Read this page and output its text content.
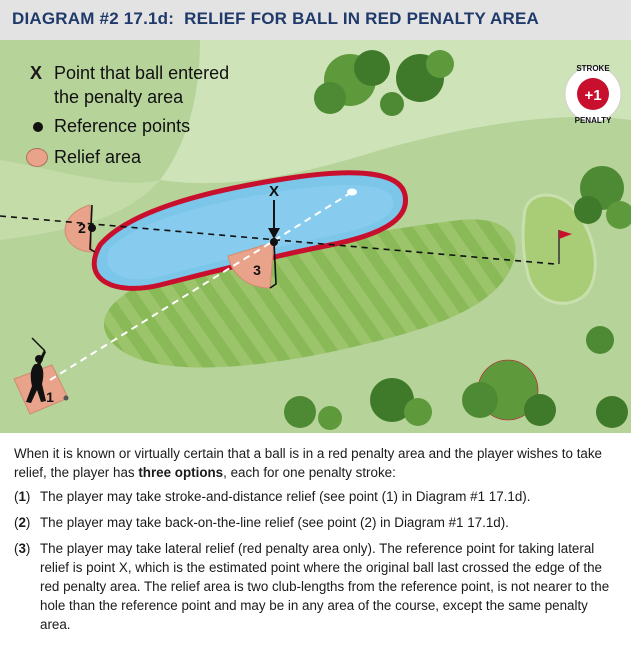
DIAGRAM #2 17.1d: RELIEF FOR BALL IN RED PENALTY AREA
X
2
3
1
+1
STROKE
PENALTY
X Point that ball entered
the penalty area
Reference points
Relief area

When it is known or virtually certain that a ball is in a red penalty area and the player wishes to take relief, the player has three options, each for one penalty stroke:

(1) The player may take stroke-and-distance relief (see point (1) in Diagram #1 17.1d).
(2) The player may take back-on-the-line relief (see point (2) in Diagram #1 17.1d).
(3) The player may take lateral relief (red penalty area only). The reference point for taking lateral relief is point X, which is the estimated point where the original ball last crossed the edge of the red penalty area. The relief area is two club-lengths from the reference point, is not nearer to the hole than the reference point and may be in any area of the course, except the same penalty area.
